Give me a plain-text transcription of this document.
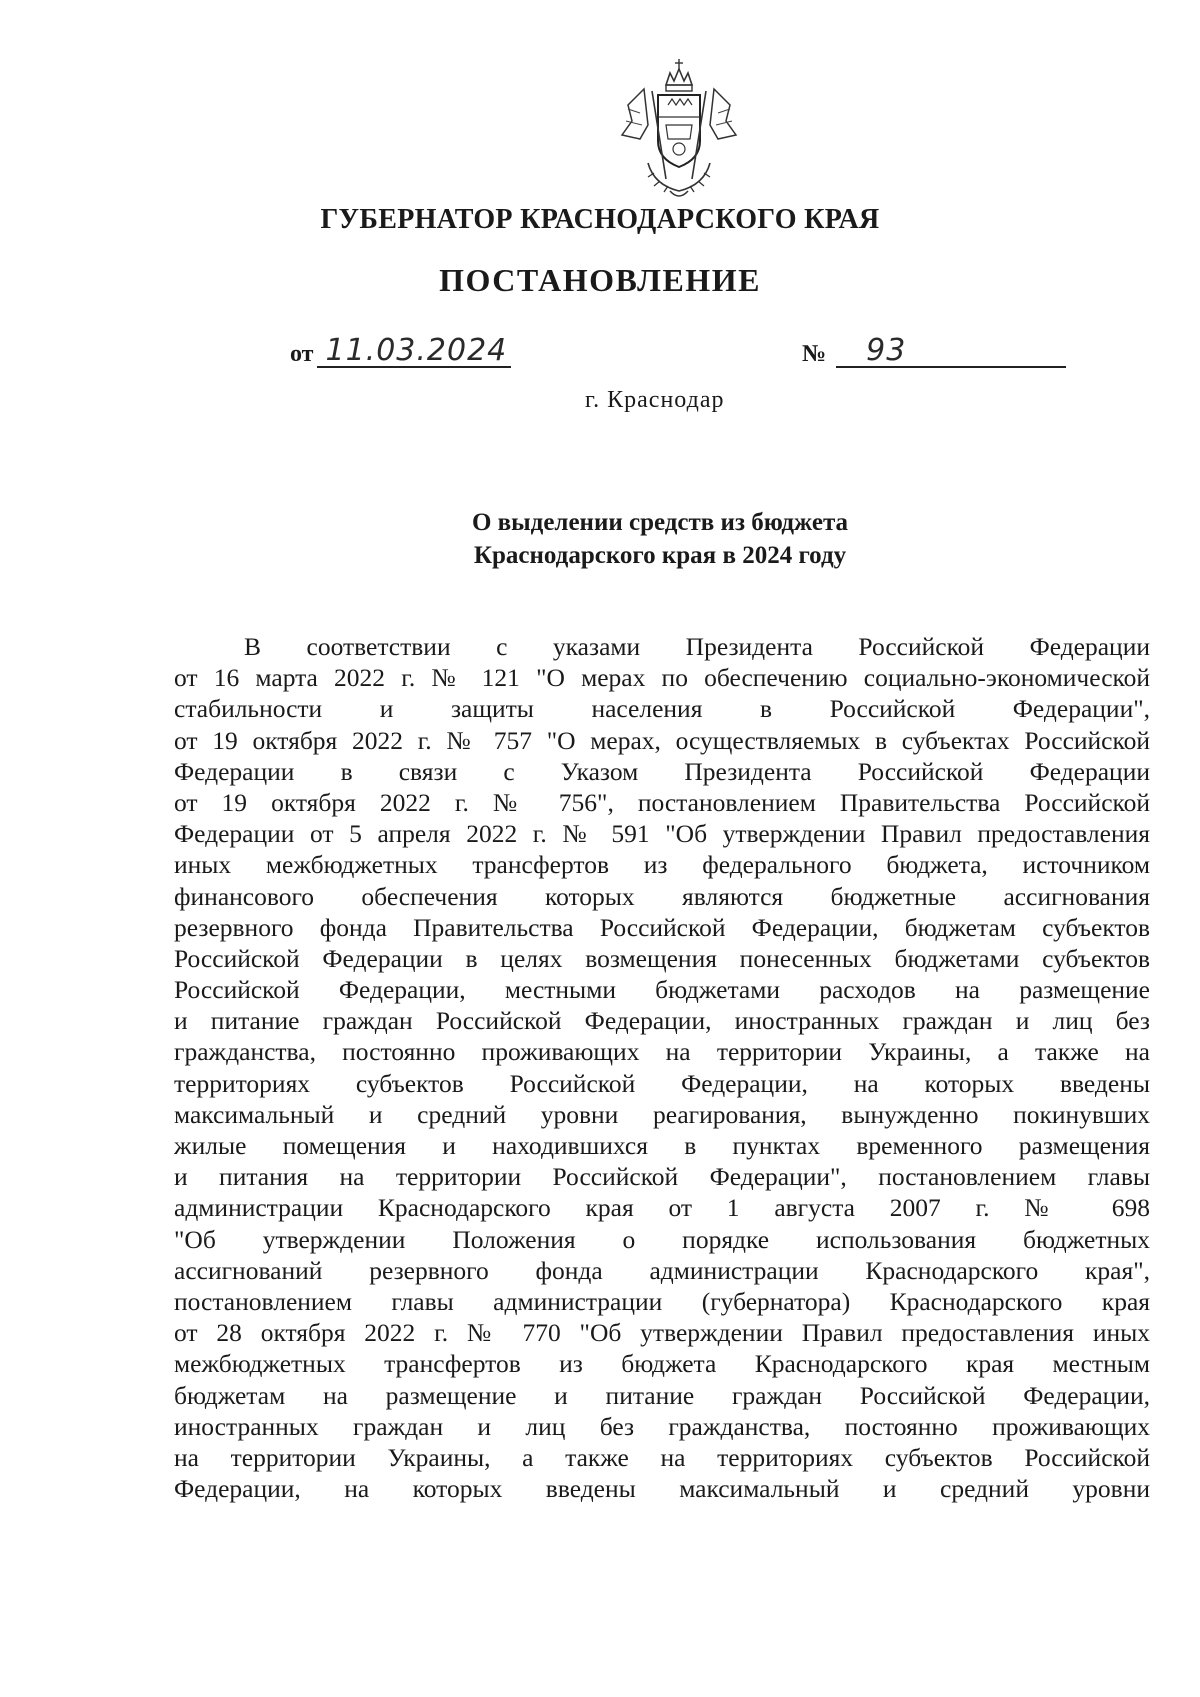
ГУБЕРНАТОР КРАСНОДАРСКОГО КРАЯ
ПОСТАНОВЛЕНИЕ
от 11.03.2024	№	93
г. Краснодар
О выделении средств из бюджета
Краснодарского края в 2024 году
В соответствии с указами Президента Российской Федерации
от 16 марта 2022 г. № 121 "О мерах по обеспечению социально-экономической
стабильности и защиты населения в Российской Федерации",
от 19 октября 2022 г. № 757 "О мерах, осуществляемых в субъектах Российской
Федерации в связи с Указом Президента Российской Федерации
от 19 октября 2022 г. № 756", постановлением Правительства Российской
Федерации от 5 апреля 2022 г. № 591 "Об утверждении Правил предоставления
иных межбюджетных трансфертов из федерального бюджета, источником
финансового обеспечения которых являются бюджетные ассигнования
резервного фонда Правительства Российской Федерации, бюджетам субъектов
Российской Федерации в целях возмещения понесенных бюджетами субъектов
Российской Федерации, местными бюджетами расходов на размещение
и питание граждан Российской Федерации, иностранных граждан и лиц без
гражданства, постоянно проживающих на территории Украины, а также на
территориях субъектов Российской Федерации, на которых введены
максимальный и средний уровни реагирования, вынужденно покинувших
жилые помещения и находившихся в пунктах временного размещения
и питания на территории Российской Федерации", постановлением главы
администрации Краснодарского края от 1 августа 2007 г. № 698
"Об утверждении Положения о порядке использования бюджетных
ассигнований резервного фонда администрации Краснодарского края",
постановлением главы администрации (губернатора) Краснодарского края
от 28 октября 2022 г. № 770 "Об утверждении Правил предоставления иных
межбюджетных трансфертов из бюджета Краснодарского края местным
бюджетам на размещение и питание граждан Российской Федерации,
иностранных граждан и лиц без гражданства, постоянно проживающих
на территории Украины, а также на территориях субъектов Российской
Федерации, на которых введены максимальный и средний уровни
